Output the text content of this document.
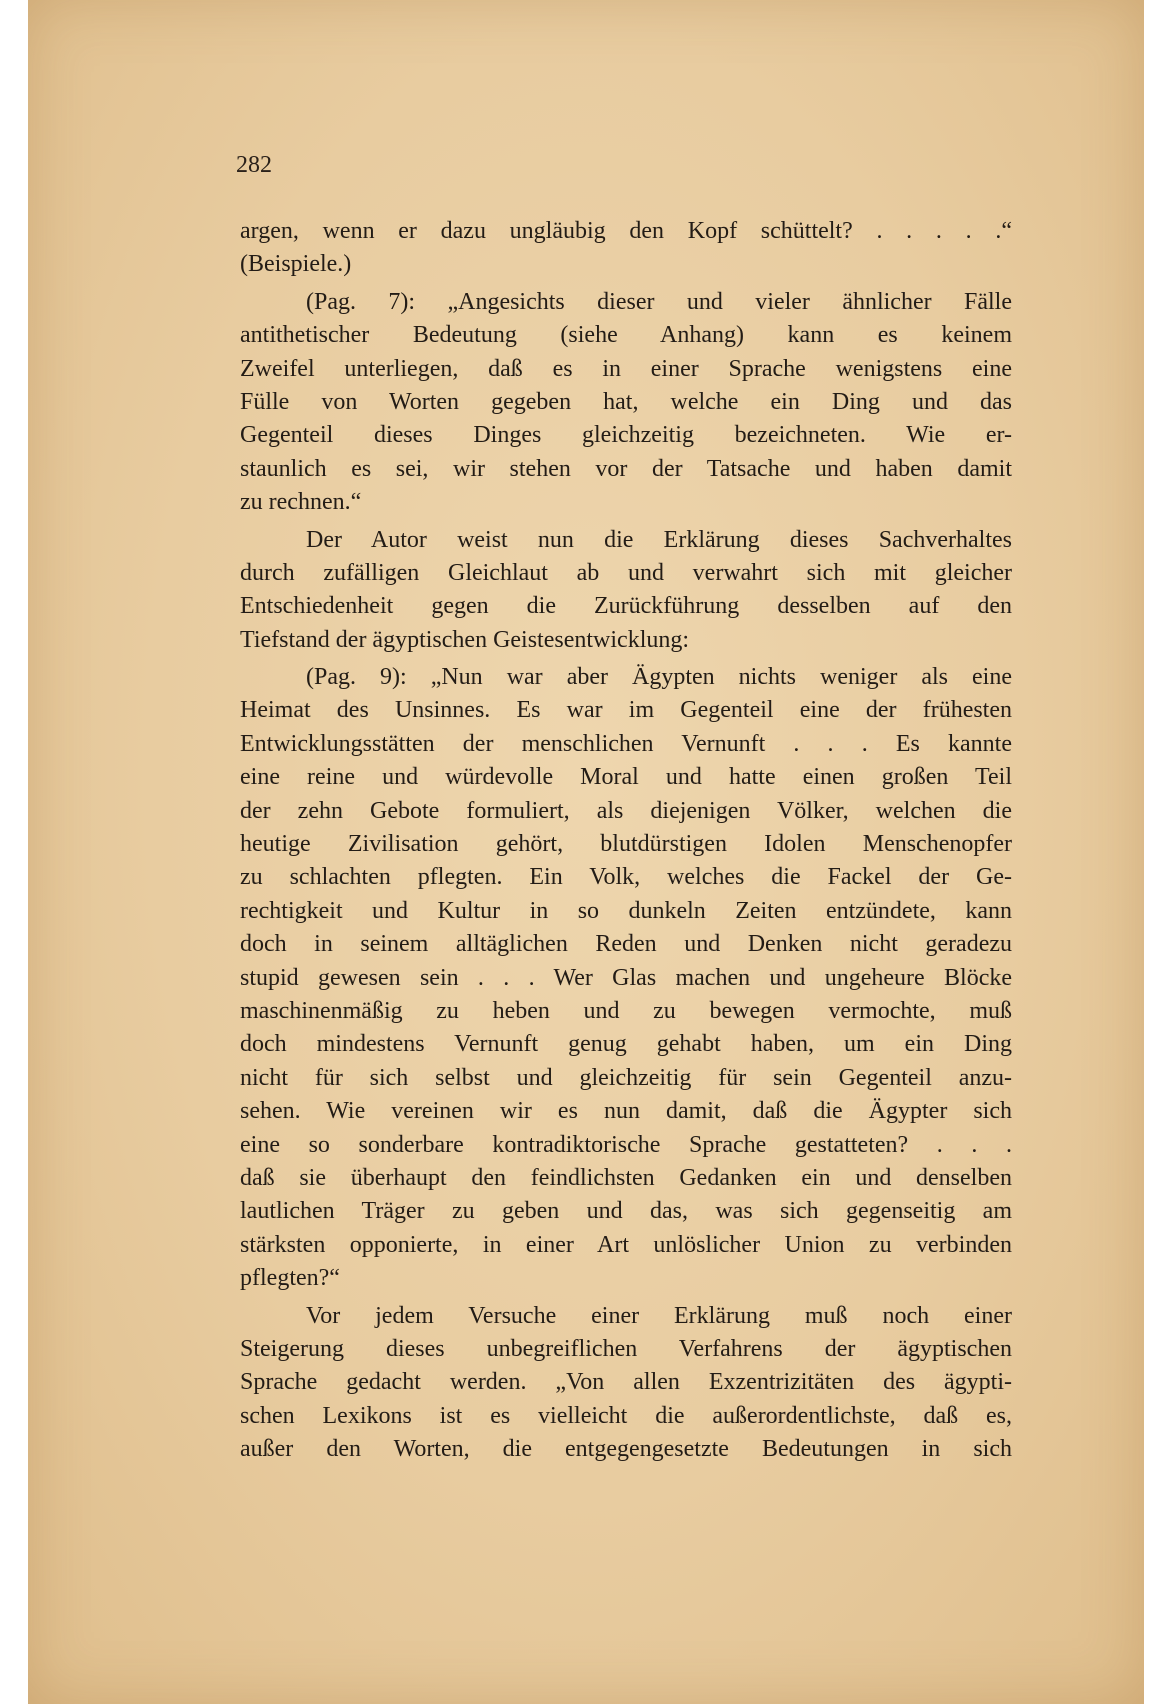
282
argen, wenn er dazu ungläubig den Kopf schüttelt? . . . . .“
(Beispiele.)
(Pag. 7): „Angesichts dieser und vieler ähnlicher Fälle
antithetischer Bedeutung (siehe Anhang) kann es keinem
Zweifel unterliegen, daß es in einer Sprache wenigstens eine
Fülle von Worten gegeben hat, welche ein Ding und das
Gegenteil dieses Dinges gleichzeitig bezeichneten. Wie er-
staunlich es sei, wir stehen vor der Tatsache und haben damit
zu rechnen.“
Der Autor weist nun die Erklärung dieses Sachverhaltes
durch zufälligen Gleichlaut ab und verwahrt sich mit gleicher
Entschiedenheit gegen die Zurückführung desselben auf den
Tiefstand der ägyptischen Geistesentwicklung:
(Pag. 9): „Nun war aber Ägypten nichts weniger als eine
Heimat des Unsinnes. Es war im Gegenteil eine der frühesten
Entwicklungsstätten der menschlichen Vernunft . . . Es kannte
eine reine und würdevolle Moral und hatte einen großen Teil
der zehn Gebote formuliert, als diejenigen Völker, welchen die
heutige Zivilisation gehört, blutdürstigen Idolen Menschenopfer
zu schlachten pflegten. Ein Volk, welches die Fackel der Ge-
rechtigkeit und Kultur in so dunkeln Zeiten entzündete, kann
doch in seinem alltäglichen Reden und Denken nicht geradezu
stupid gewesen sein . . . Wer Glas machen und ungeheure Blöcke
maschinenmäßig zu heben und zu bewegen vermochte, muß
doch mindestens Vernunft genug gehabt haben, um ein Ding
nicht für sich selbst und gleichzeitig für sein Gegenteil anzu-
sehen. Wie vereinen wir es nun damit, daß die Ägypter sich
eine so sonderbare kontradiktorische Sprache gestatteten? . . .
daß sie überhaupt den feindlichsten Gedanken ein und denselben
lautlichen Träger zu geben und das, was sich gegenseitig am
stärksten opponierte, in einer Art unlöslicher Union zu verbinden
pflegten?“
Vor jedem Versuche einer Erklärung muß noch einer
Steigerung dieses unbegreiflichen Verfahrens der ägyptischen
Sprache gedacht werden. „Von allen Exzentrizitäten des ägypti-
schen Lexikons ist es vielleicht die außerordentlichste, daß es,
außer den Worten, die entgegengesetzte Bedeutungen in sich
